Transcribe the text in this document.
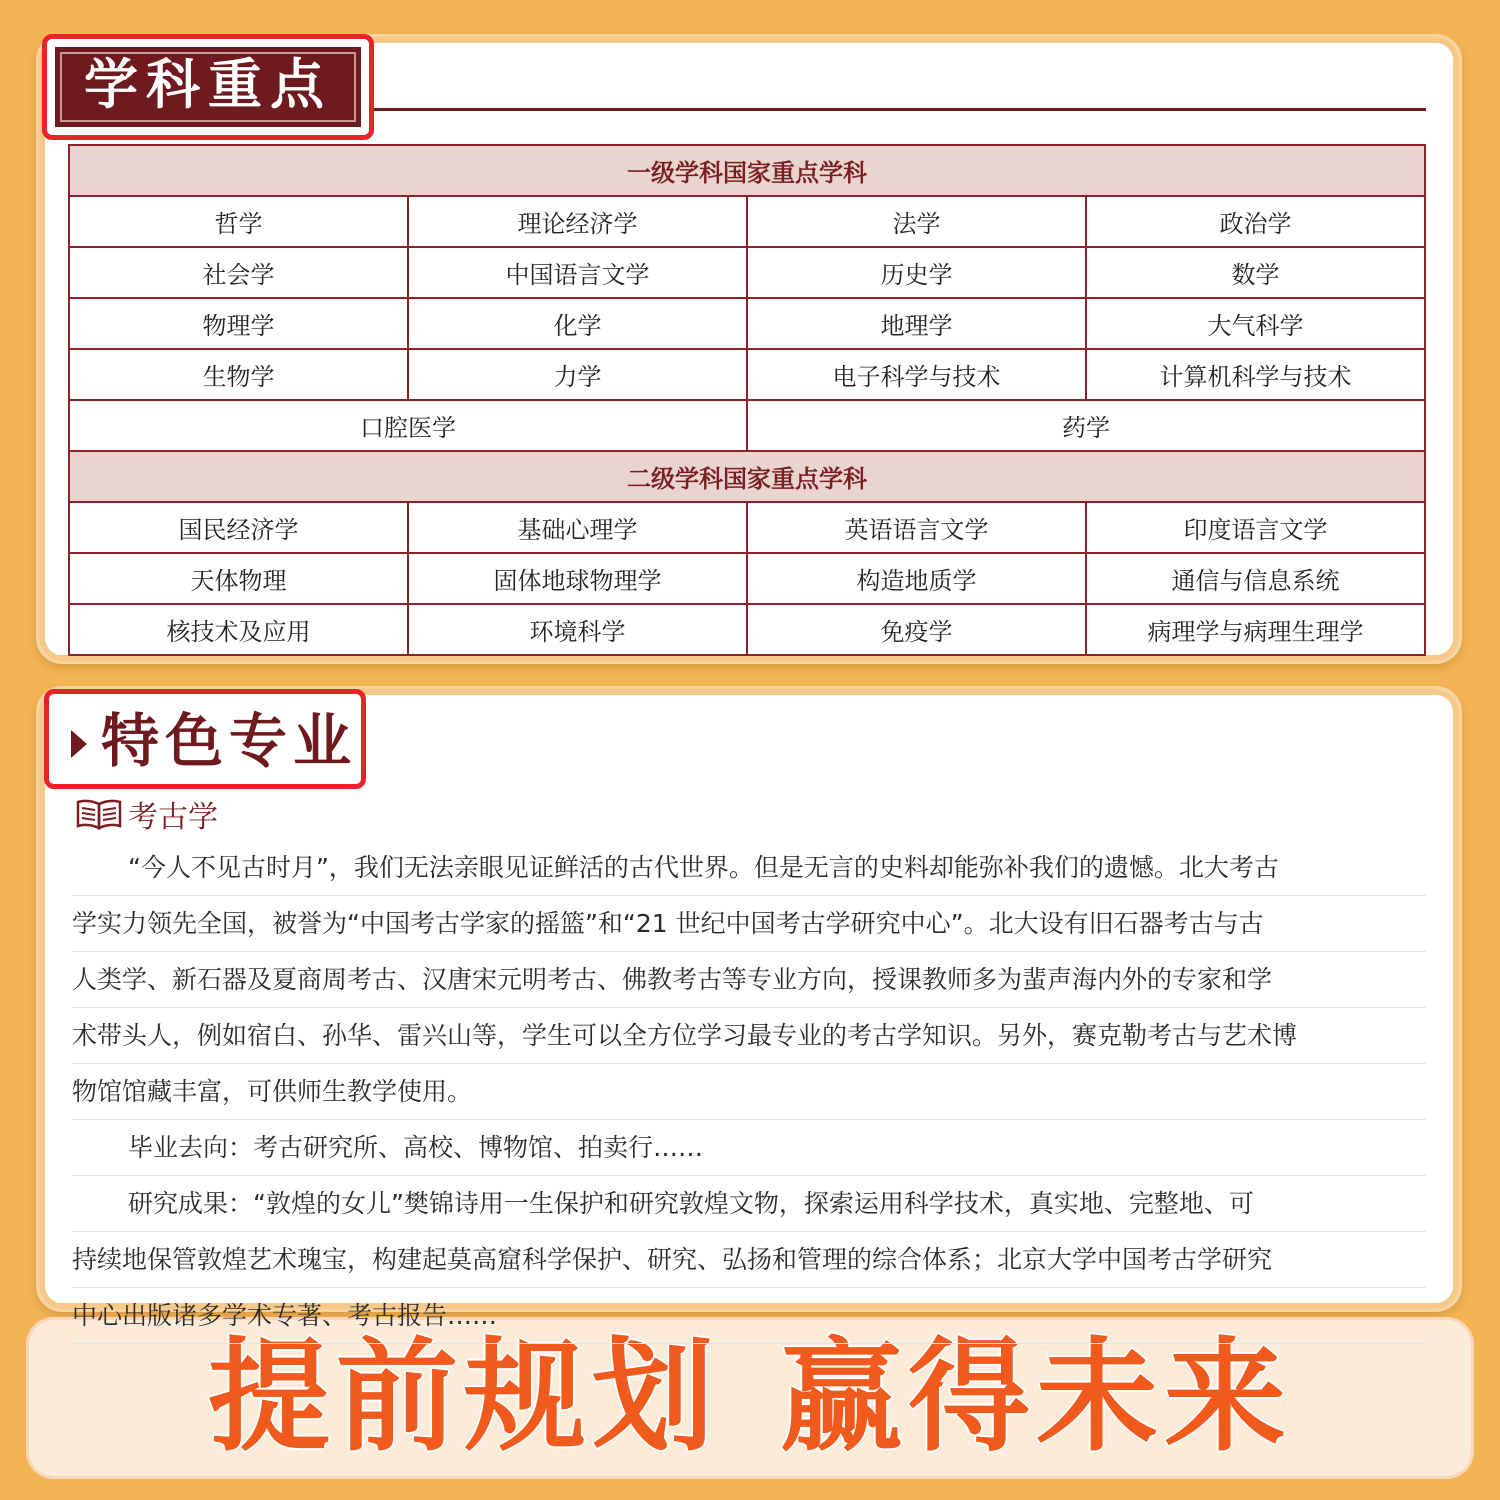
学科重点
一级学科国家重点学科			
哲学	理论经济学	法学	政治学
社会学	中国语言文学	历史学	数学
物理学	化学	地理学	大气科学
生物学	力学	电子科学与技术	计算机科学与技术
口腔医学		药学	
二级学科国家重点学科			
国民经济学	基础心理学	英语语言文学	印度语言文学
天体物理	固体地球物理学	构造地质学	通信与信息系统
核技术及应用	环境科学	免疫学	病理学与病理生理学
特色专业
考古学
“今人不见古时月”，我们无法亲眼见证鲜活的古代世界。但是无言的史料却能弥补我们的遗憾。北大考古
学实力领先全国，被誉为“中国考古学家的摇篮”和“21 世纪中国考古学研究中心”。北大设有旧石器考古与古
人类学、新石器及夏商周考古、汉唐宋元明考古、佛教考古等专业方向，授课教师多为蜚声海内外的专家和学
术带头人，例如宿白、孙华、雷兴山等，学生可以全方位学习最专业的考古学知识。另外，赛克勒考古与艺术博
物馆馆藏丰富，可供师生教学使用。
毕业去向：考古研究所、高校、博物馆、拍卖行……
研究成果：“敦煌的女儿”樊锦诗用一生保护和研究敦煌文物，探索运用科学技术，真实地、完整地、可
持续地保管敦煌艺术瑰宝，构建起莫高窟科学保护、研究、弘扬和管理的综合体系；北京大学中国考古学研究
中心出版诸多学术专著、考古报告……
提前规划 赢得未来
